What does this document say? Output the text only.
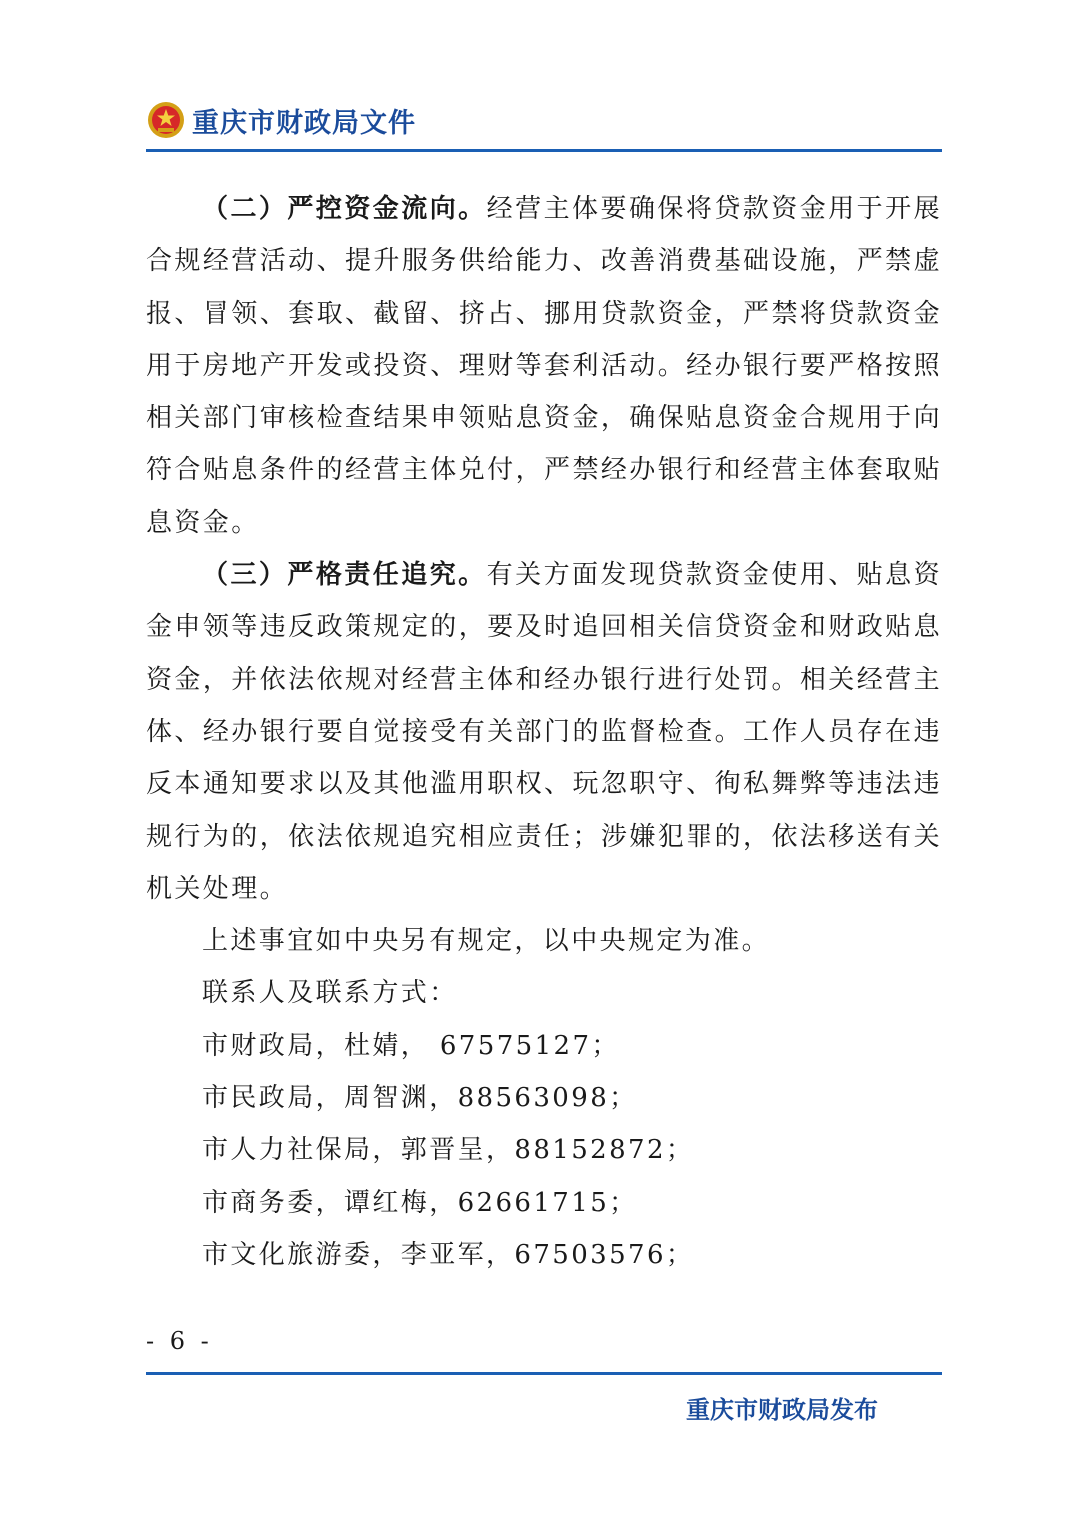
重庆市财政局文件

（二）严控资金流向。经营主体要确保将贷款资金用于开展合规经营活动、提升服务供给能力、改善消费基础设施，严禁虚报、冒领、套取、截留、挤占、挪用贷款资金，严禁将贷款资金用于房地产开发或投资、理财等套利活动。经办银行要严格按照相关部门审核检查结果申领贴息资金，确保贴息资金合规用于向符合贴息条件的经营主体兑付，严禁经办银行和经营主体套取贴息资金。

（三）严格责任追究。有关方面发现贷款资金使用、贴息资金申领等违反政策规定的，要及时追回相关信贷资金和财政贴息资金，并依法依规对经营主体和经办银行进行处罚。相关经营主体、经办银行要自觉接受有关部门的监督检查。工作人员存在违反本通知要求以及其他滥用职权、玩忽职守、徇私舞弊等违法违规行为的，依法依规追究相应责任；涉嫌犯罪的，依法移送有关机关处理。

上述事宜如中央另有规定，以中央规定为准。

联系人及联系方式：

市财政局，杜婧， 67575127；

市民政局，周智渊，88563098；

市人力社保局，郭晋呈，88152872；

市商务委，谭红梅，62661715；

市文化旅游委，李亚军，67503576；

- 6 -
重庆市财政局发布
